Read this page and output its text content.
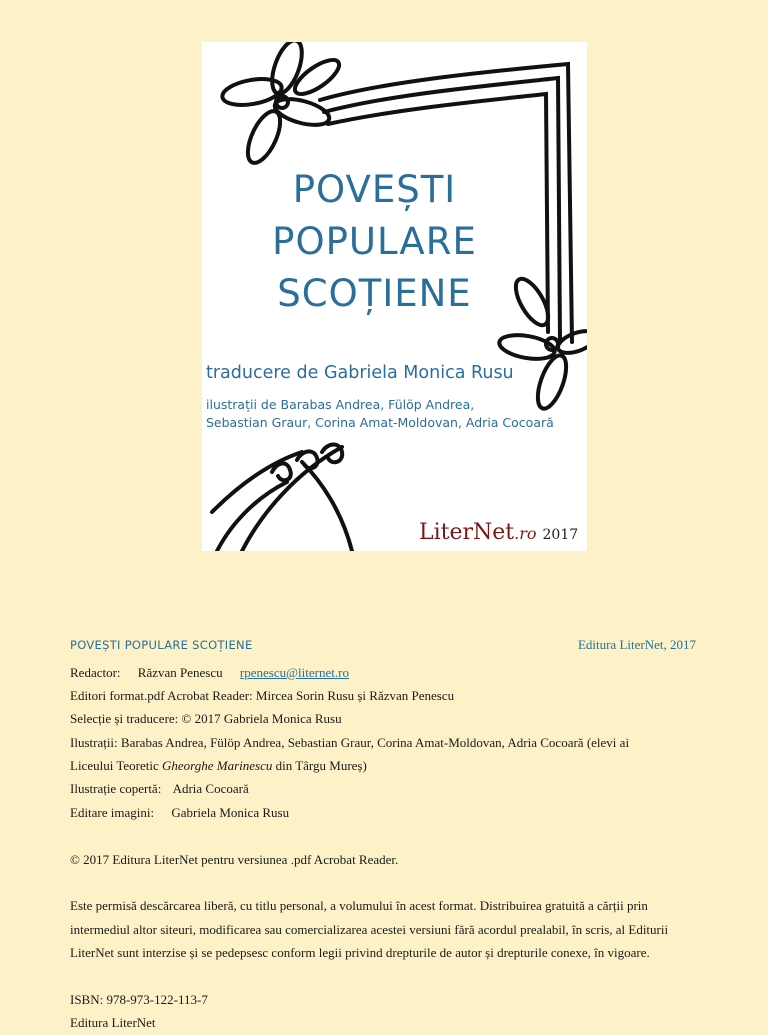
POVEȘTI
POPULARE
SCOȚIENE
traducere de Gabriela Monica Rusu
ilustrații de Barabas Andrea, Fülöp Andrea,
Sebastian Graur, Corina Amat-Moldovan, Adria Cocoară
LiterNet.ro 2017
POVEȘTI POPULARE SCOȚIENE	Editura LiterNet, 2017
Redactor: Răzvan Penescu rpenescu@liternet.ro
Editori format.pdf Acrobat Reader: Mircea Sorin Rusu și Răzvan Penescu
Selecție și traducere: © 2017 Gabriela Monica Rusu
Ilustrații: Barabas Andrea, Fülöp Andrea, Sebastian Graur, Corina Amat-Moldovan, Adria Cocoară (elevi ai
Liceului Teoretic Gheorghe Marinescu din Târgu Mureș)
Ilustrație copertă: Adria Cocoară
Editare imagini: Gabriela Monica Rusu
© 2017 Editura LiterNet pentru versiunea .pdf Acrobat Reader.
Este permisă descărcarea liberă, cu titlu personal, a volumului în acest format. Distribuirea gratuită a cărții prin
intermediul altor siteuri, modificarea sau comercializarea acestei versiuni fără acordul prealabil, în scris, al Editurii
LiterNet sunt interzise și se pedepsesc conform legii privind drepturile de autor și drepturile conexe, în vigoare.
ISBN: 978-973-122-113-7
Editura LiterNet
